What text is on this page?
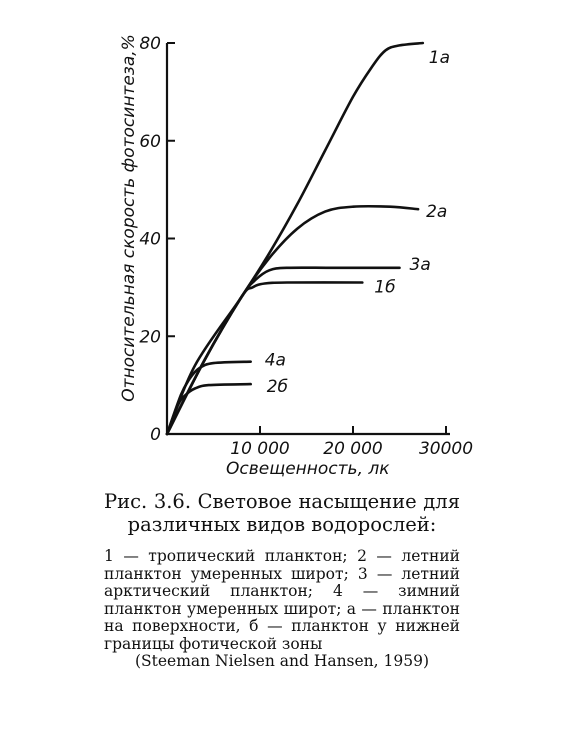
0
20
40
60
80
10 000 20 000 30000
1а
2а
3а
1б
4а
2б
Освещенность, лк
Относительная скорость фотосинтеза,%
Рис. 3.6. Световое насыщение для различных видов водорослей:
1 — тропический планктон; 2 — летний планктон умеренных широт; 3 — летний арктический планктон; 4 — зимний планктон умеренных широт; а — планктон на поверхности, б — планктон у нижней границы фотической зоны
(Steeman Nielsen and Hansen, 1959)
